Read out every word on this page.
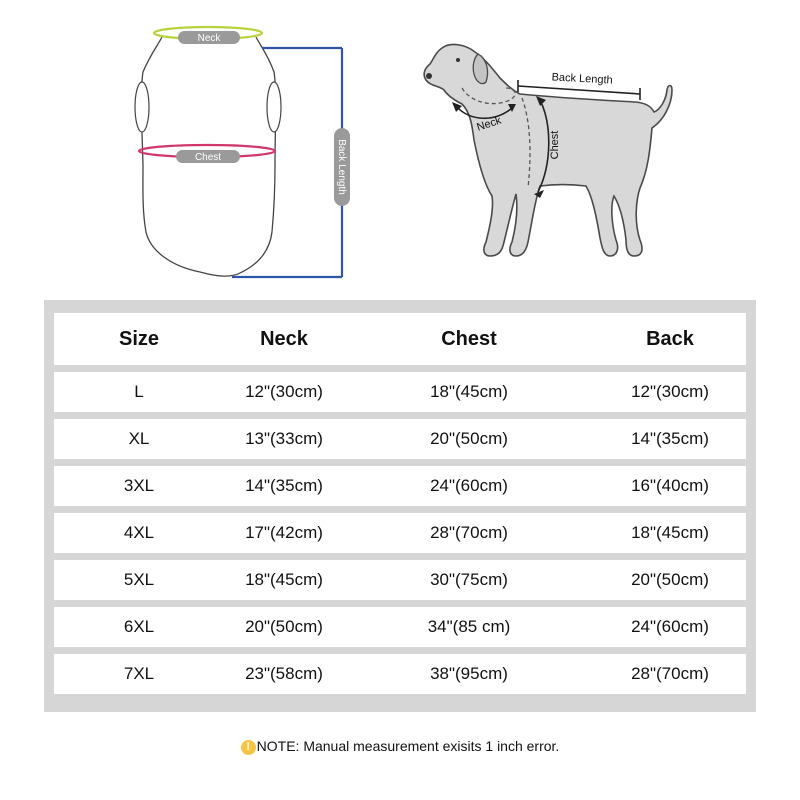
Neck
Chest	Back Length
Neck
Chest
Back Length
Size	Neck	Chest	Back
L	12"(30cm)	18"(45cm)	12"(30cm)
XL	13"(33cm)	20"(50cm)	14"(35cm)
3XL	14"(35cm)	24"(60cm)	16"(40cm)
4XL	17"(42cm)	28"(70cm)	18"(45cm)
5XL	18"(45cm)	30"(75cm)	20"(50cm)
6XL	20"(50cm)	34"(85 cm)	24"(60cm)
7XL	23"(58cm)	38"(95cm)	28"(70cm)
! NOTE: Manual measurement exisits 1 inch error.
